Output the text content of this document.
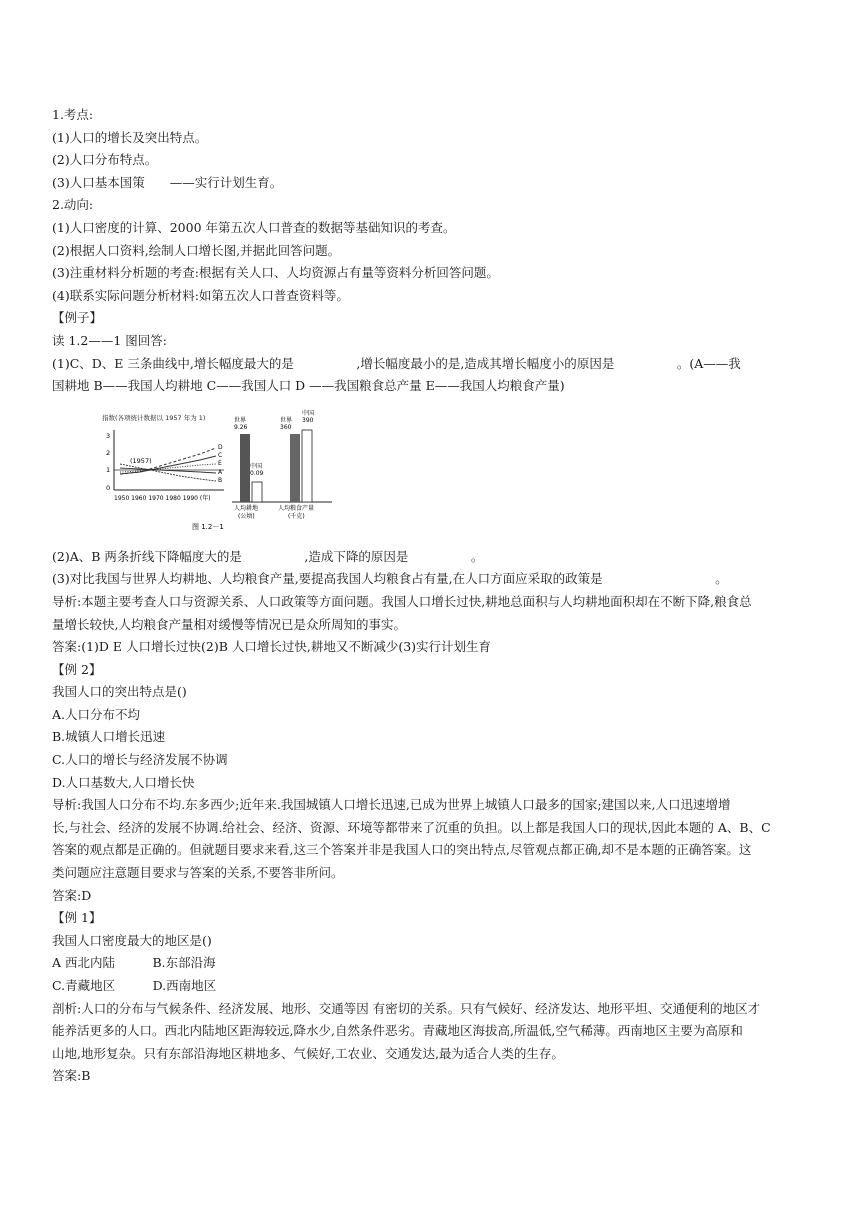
1.考点:
(1)人口的增长及突出特点。
(2)人口分布特点。
(3)人口基本国策　　——实行计划生育。
2.动向:
(1)人口密度的计算、2000 年第五次人口普查的数据等基础知识的考查。
(2)根据人口资料,绘制人口增长图,并据此回答问题。
(3)注重材料分析题的考查:根据有关人口、人均资源占有量等资料分析回答问题。
(4)联系实际问题分析材料:如第五次人口普查资料等。
【例子】
读 1.2——1 图回答:
(1)C、D、E 三条曲线中,增长幅度最大的是　　　　　,增长幅度最小的是,造成其增长幅度小的原因是　　　　　。(A——我
国耕地 B——我国人均耕地 C——我国人口 D ——我国粮食总产量 E——我国人均粮食产量)
指数(各项统计数据以 1957 年为 1)
3
2
1
0
(1957)
D
C
E
A
B
1950 1960 1970 1980 1990 (年)
世界
9.26
中国
0.09
世界
360
中国
390
人均耕地
(公顷)
人均粮食产量
(千克)
图 1.2－1
(2)A、B 两条折线下降幅度大的是　　　　　,造成下降的原因是　　　　　。
(3)对比我国与世界人均耕地、人均粮食产量,要提高我国人均粮食占有量,在人口方面应采取的政策是　　　　　　　　　。
导析:本题主要考查人口与资源关系、人口政策等方面问题。我国人口增长过快,耕地总面积与人均耕地面积却在不断下降,粮食总
量增长较快,人均粮食产量相对缓慢等情况已是众所周知的事实。
答案:(1)D E 人口增长过快(2)B 人口增长过快,耕地又不断减少(3)实行计划生育
【例 2】
我国人口的突出特点是()
A.人口分布不均
B.城镇人口增长迅速
C.人口的增长与经济发展不协调
D.人口基数大,人口增长快
导析:我国人口分布不均.东多西少;近年来.我国城镇人口增长迅速,已成为世界上城镇人口最多的国家;建国以来,人口迅速增增
长,与社会、经济的发展不协调.给社会、经济、资源、环境等都带来了沉重的负担。以上都是我国人口的现状,因此本题的 A、B、C
答案的观点都是正确的。但就题目要求来看,这三个答案并非是我国人口的突出特点,尽管观点都正确,却不是本题的正确答案。这
类问题应注意题目要求与答案的关系,不要答非所问。
答案:D
【例 1】
我国人口密度最大的地区是()
A 西北内陆　　　B.东部沿海
C.青藏地区　　　D.西南地区
剖析:人口的分布与气候条件、经济发展、地形、交通等因 有密切的关系。只有气候好、经济发达、地形平坦、交通便利的地区才
能养活更多的人口。西北内陆地区距海较远,降水少,自然条件恶劣。青藏地区海拔高,所温低,空气稀薄。西南地区主要为高原和
山地,地形复杂。只有东部沿海地区耕地多、气候好,工农业、交通发达,最为适合人类的生存。
答案:B
